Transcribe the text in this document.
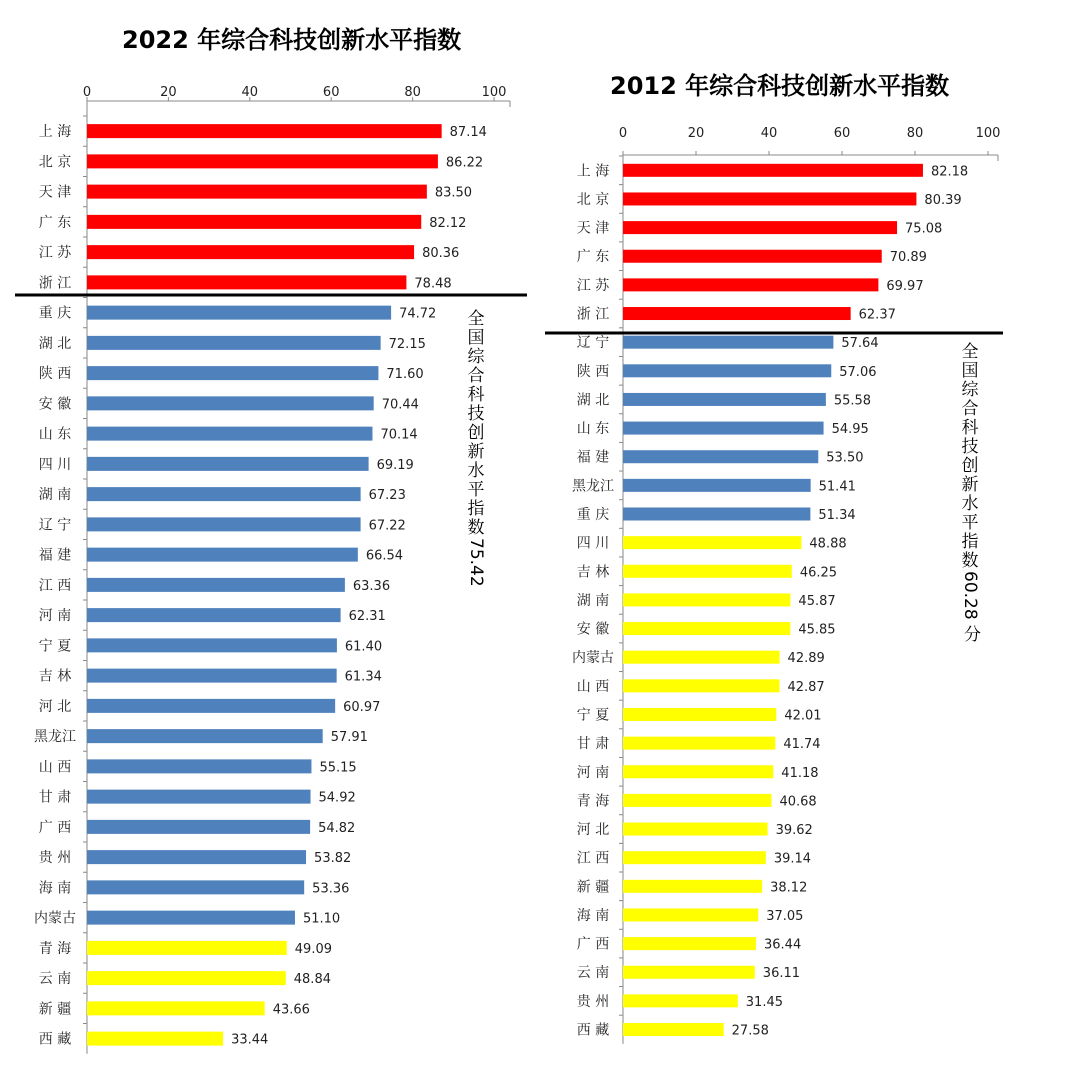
2022 年综合科技创新水平指数
2012 年综合科技创新水平指数
0	20	40	60	80	100
上 海	87.14
北 京	86.22
天 津	83.50
广 东	82.12
江 苏	80.36
浙 江	78.48
重 庆	74.72
湖 北	72.15
陕 西	71.60
安 徽	70.44
山 东	70.14
四 川	69.19
湖 南	67.23
辽 宁	67.22
福 建	66.54
江 西	63.36
河 南	62.31
宁 夏	61.40
吉 林	61.34
河 北	60.97
黑龙江	57.91
山 西	55.15
甘 肃	54.92
广 西	54.82
贵 州	53.82
海 南	53.36
内蒙古	51.10
青 海	49.09
云 南	48.84
新 疆	43.66
西 藏	33.44
0	20	40	60	80	100
上 海	82.18
北 京	80.39
天 津	75.08
广 东	70.89
江 苏	69.97
浙 江	62.37
辽 宁	57.64
陕 西	57.06
湖 北	55.58
山 东	54.95
福 建	53.50
黑龙江	51.41
重 庆	51.34
四 川	48.88
吉 林	46.25
湖 南	45.87
安 徽	45.85
内蒙古	42.89
山 西	42.87
宁 夏	42.01
甘 肃	41.74
河 南	41.18
青 海	40.68
河 北	39.62
江 西	39.14
新 疆	38.12
海 南	37.05
广 西	36.44
云 南	36.11
贵 州	31.45
西 藏	27.58
全
国
综
合
科
技
创
新
水
平
指
数
75.42
全
国
综
合
科
技
创
新
水
平
指
数
60.28 分
